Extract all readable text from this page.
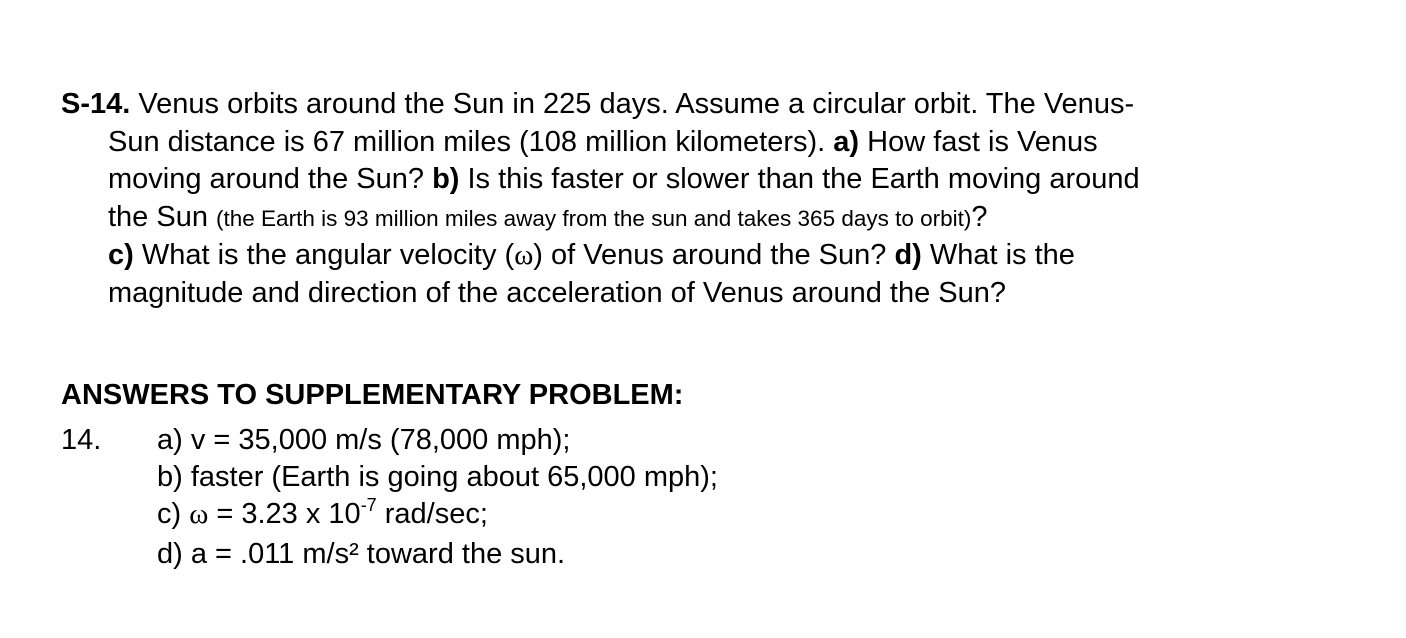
S-14. Venus orbits around the Sun in 225 days. Assume a circular orbit. The Venus-
Sun distance is 67 million miles (108 million kilometers). a) How fast is Venus
moving around the Sun? b) Is this faster or slower than the Earth moving around
the Sun (the Earth is 93 million miles away from the sun and takes 365 days to orbit)?
c) What is the angular velocity (ω) of Venus around the Sun? d) What is the
magnitude and direction of the acceleration of Venus around the Sun?
ANSWERS TO SUPPLEMENTARY PROBLEM:
14.	a) v = 35,000 m/s (78,000 mph);
b) faster (Earth is going about 65,000 mph);
c) ω = 3.23 x $10^{-7}$ rad/sec;
d) a = .011 m/s² toward the sun.
